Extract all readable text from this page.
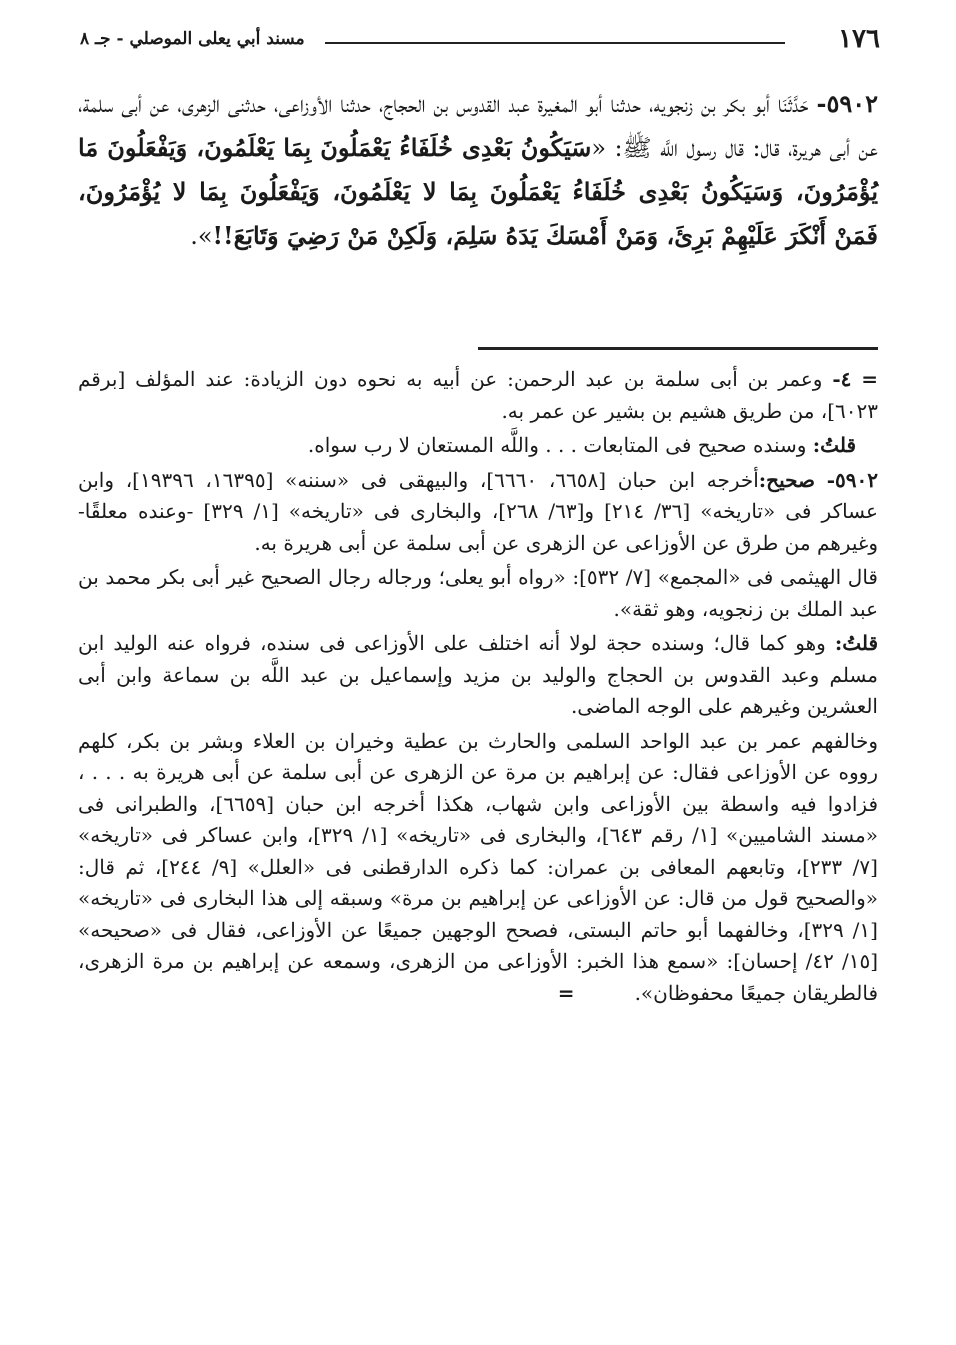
١٧٦
مسند أبي يعلى الموصلي - جـ ٨

٥٩٠٢- حَدَّثَنَا أبو بكر بن زنجويه، حدثنا أبو المغيرة عبد القدوس بن الحجاج، حدثنا الأوزاعى، حدثنى الزهرى، عن أبى سلمة، عن أبى هريرة، قال: قال رسول اللَّه ﷺ: «سَيَكُونُ بَعْدِى خُلَفَاءُ يَعْمَلُونَ بِمَا يَعْلَمُونَ، وَيَفْعَلُونَ مَا يُؤْمَرُونَ، وَسَيَكُونُ بَعْدِى خُلَفَاءُ يَعْمَلُونَ بِمَا لا يَعْلَمُونَ، وَيَفْعَلُونَ بِمَا لا يُؤْمَرُونَ، فَمَنْ أَنْكَرَ عَلَيْهِمْ بَرِئَ، وَمَنْ أَمْسَكَ يَدَهُ سَلِمَ، وَلَكِنْ مَنْ رَضِيَ وَتَابَعَ!!».

= ٤- وعمر بن أبى سلمة بن عبد الرحمن: عن أبيه به نحوه دون الزيادة: عند المؤلف [برقم ٦٠٢٣]، من طريق هشيم بن بشير عن عمر به.

قلتُ: وسنده صحيح فى المتابعات . . . واللَّه المستعان لا رب سواه.

٥٩٠٢- صحيح:أخرجه ابن حبان [٦٦٥٨، ٦٦٦٠]، والبيهقى فى «سننه» [١٦٣٩٥، ١٩٣٩٦]، وابن عساكر فى «تاريخه» [٣٦/ ٢١٤] و[٦٣/ ٢٦٨]، والبخارى فى «تاريخه» [١/ ٣٢٩] -وعنده معلقًا- وغيرهم من طرق عن الأوزاعى عن الزهرى عن أبى سلمة عن أبى هريرة به.

قال الهيثمى فى «المجمع» [٧/ ٥٣٢]: «رواه أبو يعلى؛ ورجاله رجال الصحيح غير أبى بكر محمد بن عبد الملك بن زنجويه، وهو ثقة».

قلتُ: وهو كما قال؛ وسنده حجة لولا أنه اختلف على الأوزاعى فى سنده، فرواه عنه الوليد ابن مسلم وعبد القدوس بن الحجاج والوليد بن مزيد وإسماعيل بن عبد اللَّه بن سماعة وابن أبى العشرين وغيرهم على الوجه الماضى.

وخالفهم عمر بن عبد الواحد السلمى والحارث بن عطية وخيران بن العلاء وبشر بن بكر، كلهم رووه عن الأوزاعى فقال: عن إبراهيم بن مرة عن الزهرى عن أبى سلمة عن أبى هريرة به . . . ، فزادوا فيه واسطة بين الأوزاعى وابن شهاب، هكذا أخرجه ابن حبان [٦٦٥٩]، والطبرانى فى «مسند الشاميين» [١/ رقم ٦٤٣]، والبخارى فى «تاريخه» [١/ ٣٢٩]، وابن عساكر فى «تاريخه» [٧/ ٢٣٣]، وتابعهم المعافى بن عمران: كما ذكره الدارقطنى فى «العلل» [٩/ ٢٤٤]، ثم قال: «والصحيح قول من قال: عن الأوزاعى عن إبراهيم بن مرة» وسبقه إلى هذا البخارى فى «تاريخه» [١/ ٣٢٩]، وخالفهما أبو حاتم البستى، فصحح الوجهين جميعًا عن الأوزاعى، فقال فى «صحيحه» [١٥/ ٤٢/ إحسان]: «سمع هذا الخبر: الأوزاعى من الزهرى، وسمعه عن إبراهيم بن مرة الزهرى، فالطريقان جميعًا محفوظان».=
